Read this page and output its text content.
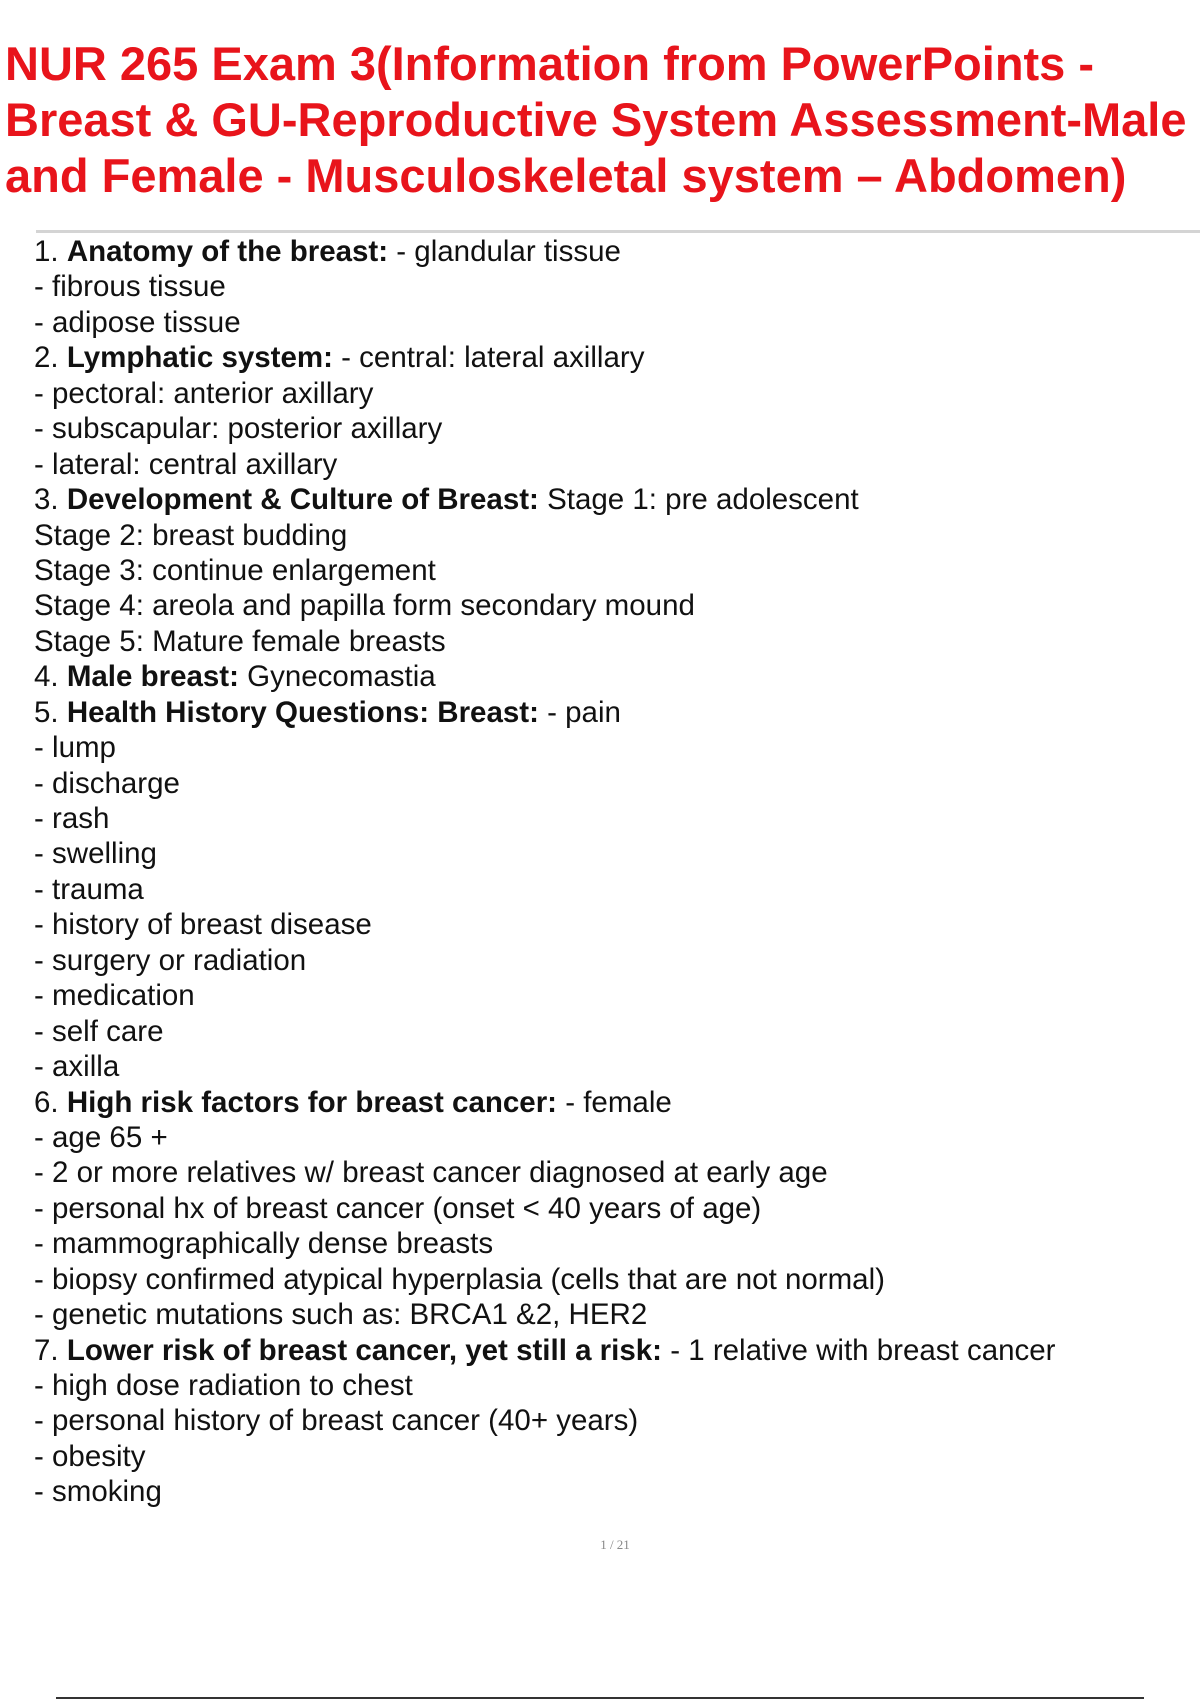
NUR 265 Exam 3(Information from PowerPoints -
Breast & GU-Reproductive System Assessment-Male
and Female - Musculoskeletal system – Abdomen)
1. Anatomy of the breast: - glandular tissue
- fibrous tissue
- adipose tissue
2. Lymphatic system: - central: lateral axillary
- pectoral: anterior axillary
- subscapular: posterior axillary
- lateral: central axillary
3. Development & Culture of Breast: Stage 1: pre adolescent
Stage 2: breast budding
Stage 3: continue enlargement
Stage 4: areola and papilla form secondary mound
Stage 5: Mature female breasts
4. Male breast: Gynecomastia
5. Health History Questions: Breast: - pain
- lump
- discharge
- rash
- swelling
- trauma
- history of breast disease
- surgery or radiation
- medication
- self care
- axilla
6. High risk factors for breast cancer: - female
- age 65 +
- 2 or more relatives w/ breast cancer diagnosed at early age
- personal hx of breast cancer (onset < 40 years of age)
- mammographically dense breasts
- biopsy confirmed atypical hyperplasia (cells that are not normal)
- genetic mutations such as: BRCA1 &2, HER2
7. Lower risk of breast cancer, yet still a risk: - 1 relative with breast cancer
- high dose radiation to chest
- personal history of breast cancer (40+ years)
- obesity
- smoking
1 / 21
